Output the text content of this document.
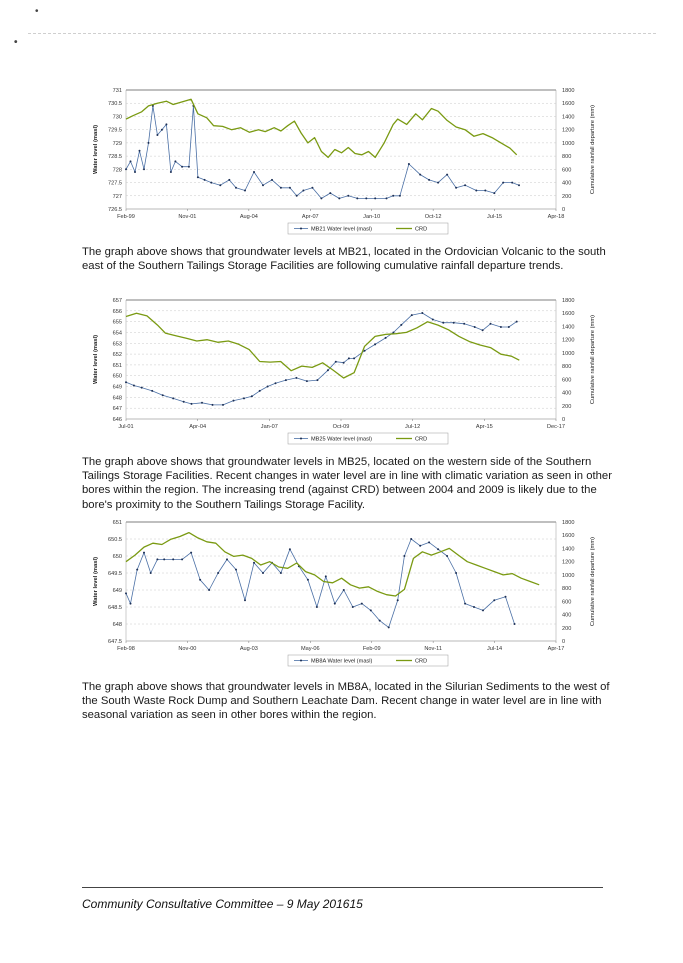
•
•
726.5
727
727.5
728
728.5
729
729.5
730
730.5
731
0
200
400
600
800
1000
1200
1400
1600
1800
Feb-99	Nov-01	Aug-04	Apr-07	Jan-10	Oct-12	Jul-15	Apr-18
Water level (masl)	Cumulative rainfall departure (mm)
MB21 Water level (masl)	CRD
The graph above shows that groundwater levels at MB21, located in the Ordovician Volcanic to the south east of the Southern Tailings Storage Facilities are following cumulative rainfall departure trends.
646
647
648
649
650
651
652
653
654
655
656
657
0
200
400
600
800
1000
1200
1400
1600
1800
Jul-01	Apr-04	Jan-07	Oct-09	Jul-12	Apr-15	Dec-17
Water level (masl)	Cumulative rainfall departure (mm)
MB25 Water level (masl)	CRD
The graph above shows that groundwater levels in MB25, located on the western side of the Southern Tailings Storage Facilities. Recent changes in water level are in line with climatic variation as seen in other bores within the region. The increasing trend (against CRD) between 2004 and 2009 is likely due to the bore's proximity to the Southern Tailings Storage Facility.
647.5
648
648.5
649
649.5
650
650.5
651
0
200
400
600
800
1000
1200
1400
1600
1800
Feb-98	Nov-00	Aug-03	May-06	Feb-09	Nov-11	Jul-14	Apr-17
Water level (masl)	Cumulative rainfall departure (mm)
MB8A Water level (masl)	CRD
The graph above shows that groundwater levels in MB8A, located in the Silurian Sediments to the west of the South Waste Rock Dump and Southern Leachate Dam. Recent change in water level are in line with seasonal variation as seen in other bores within the region.
Community Consultative Committee – 9 May 201615
